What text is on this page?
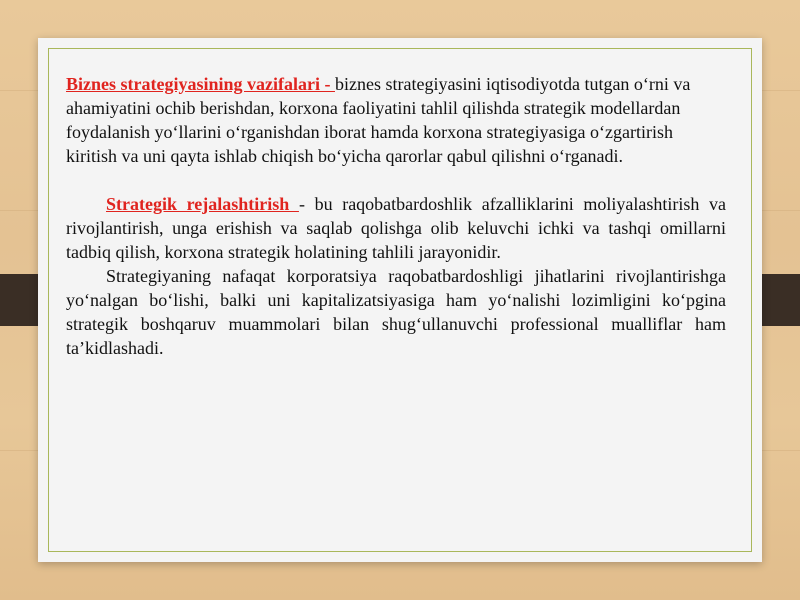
Biznes strategiyasining vazifalari - biznes strategiyasini iqtisodiyotda tutgan o‘rni va ahamiyatini ochib berishdan, korxona faoliyatini tahlil qilishda strategik modellardan foydalanish yo‘llarini o‘rganishdan iborat hamda korxona strategiyasiga o‘zgartirish kiritish va uni qayta ishlab chiqish bo‘yicha qarorlar qabul qilishni o‘rganadi.

Strategik rejalashtirish - bu raqobatbardoshlik afzalliklarini moliyalashtirish va rivojlantirish, unga erishish va saqlab qolishga olib keluvchi ichki va tashqi omillarni tadbiq qilish, korxona strategik holatining tahlili jarayonidir.

Strategiyaning nafaqat korporatsiya raqobatbardoshligi jihatlarini rivojlantirishga yo‘nalgan bo‘lishi, balki uni kapitalizatsiyasiga ham yo‘nalishi lozimligini ko‘pgina strategik boshqaruv muammolari bilan shug‘ullanuvchi professional mualliflar ham ta’kidlashadi.
